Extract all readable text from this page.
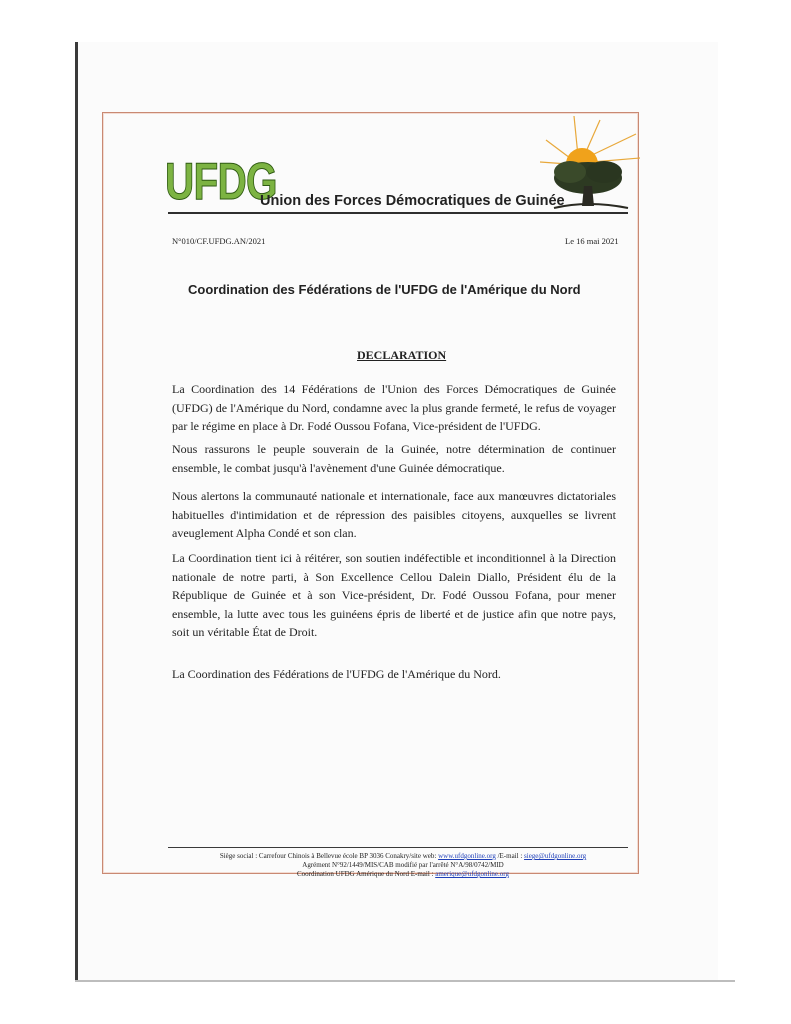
UFDG
Union des Forces Démocratiques de Guinée
N°010/CF.UFDG.AN/2021	Le 16 mai 2021
Coordination des Fédérations de l'UFDG de l'Amérique du Nord
DECLARATION
La Coordination des 14 Fédérations de l'Union des Forces Démocratiques de Guinée (UFDG) de l'Amérique du Nord, condamne avec la plus grande fermeté, le refus de voyager par le régime en place à Dr. Fodé Oussou Fofana, Vice-président de l'UFDG.
Nous rassurons le peuple souverain de la Guinée, notre détermination de continuer ensemble, le combat jusqu'à l'avènement d'une Guinée démocratique.
Nous alertons la communauté nationale et internationale, face aux manœuvres dictatoriales habituelles d'intimidation et de répression des paisibles citoyens, auxquelles se livrent aveuglement Alpha Condé et son clan.
La Coordination tient ici à réitérer, son soutien indéfectible et inconditionnel à la Direction nationale de notre parti, à Son Excellence Cellou Dalein Diallo, Président élu de la République de Guinée et à son Vice-président, Dr. Fodé Oussou Fofana, pour mener ensemble, la lutte avec tous les guinéens épris de liberté et de justice afin que notre pays, soit un véritable État de Droit.
La Coordination des Fédérations de l'UFDG de l'Amérique du Nord.
Siège social : Carrefour Chinois à Bellevue école BP 3036 Conakry/site web: www.ufdgonline.org /E-mail : siege@ufdgonline.org
Agrément N°92/1449/MIS/CAB modifié par l'arrêté N°A/98/0742/MID
Coordination UFDG Amérique du Nord E-mail : amerique@ufdgonline.org
